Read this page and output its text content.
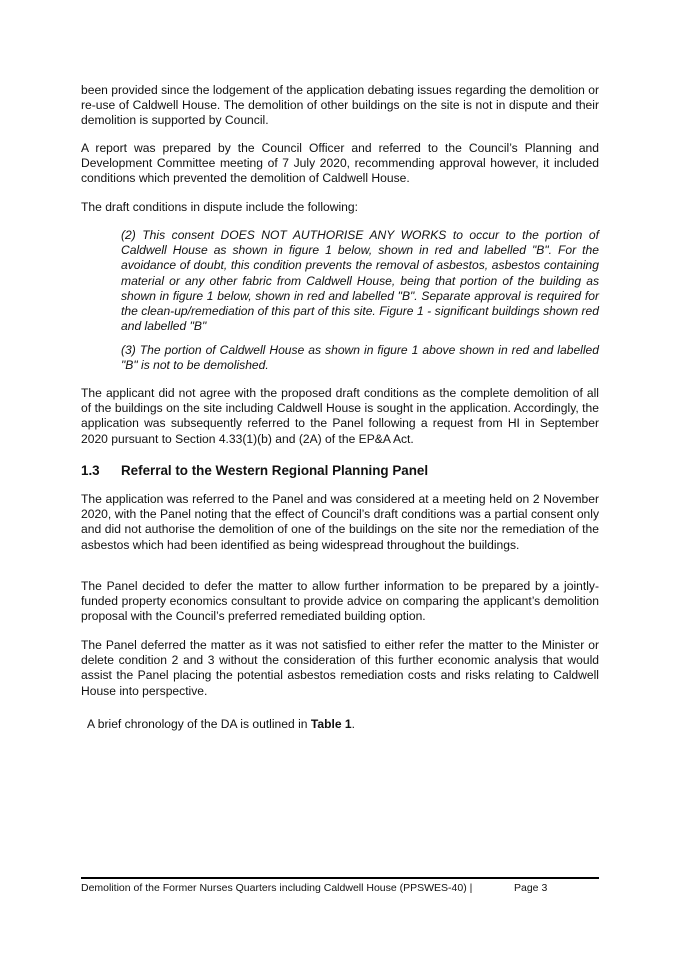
been provided since the lodgement of the application debating issues regarding the demolition or re-use of Caldwell House. The demolition of other buildings on the site is not in dispute and their demolition is supported by Council.

A report was prepared by the Council Officer and referred to the Council’s Planning and Development Committee meeting of 7 July 2020, recommending approval however, it included conditions which prevented the demolition of Caldwell House.

The draft conditions in dispute include the following:

(2) This consent DOES NOT AUTHORISE ANY WORKS to occur to the portion of Caldwell House as shown in figure 1 below, shown in red and labelled "B". For the avoidance of doubt, this condition prevents the removal of asbestos, asbestos containing material or any other fabric from Caldwell House, being that portion of the building as shown in figure 1 below, shown in red and labelled "B". Separate approval is required for the clean-up/remediation of this part of this site. Figure 1 - significant buildings shown red and labelled "B"

(3) The portion of Caldwell House as shown in figure 1 above shown in red and labelled "B" is not to be demolished.

The applicant did not agree with the proposed draft conditions as the complete demolition of all of the buildings on the site including Caldwell House is sought in the application. Accordingly, the application was subsequently referred to the Panel following a request from HI in September 2020 pursuant to Section 4.33(1)(b) and (2A) of the EP&A Act.

1.3 Referral to the Western Regional Planning Panel

The application was referred to the Panel and was considered at a meeting held on 2 November 2020, with the Panel noting that the effect of Council’s draft conditions was a partial consent only and did not authorise the demolition of one of the buildings on the site nor the remediation of the asbestos which had been identified as being widespread throughout the buildings.

The Panel decided to defer the matter to allow further information to be prepared by a jointly-funded property economics consultant to provide advice on comparing the applicant’s demolition proposal with the Council’s preferred remediated building option.

The Panel deferred the matter as it was not satisfied to either refer the matter to the Minister or delete condition 2 and 3 without the consideration of this further economic analysis that would assist the Panel placing the potential asbestos remediation costs and risks relating to Caldwell House into perspective.

A brief chronology of the DA is outlined in Table 1.

Demolition of the Former Nurses Quarters including Caldwell House (PPSWES-40) |	Page 3
